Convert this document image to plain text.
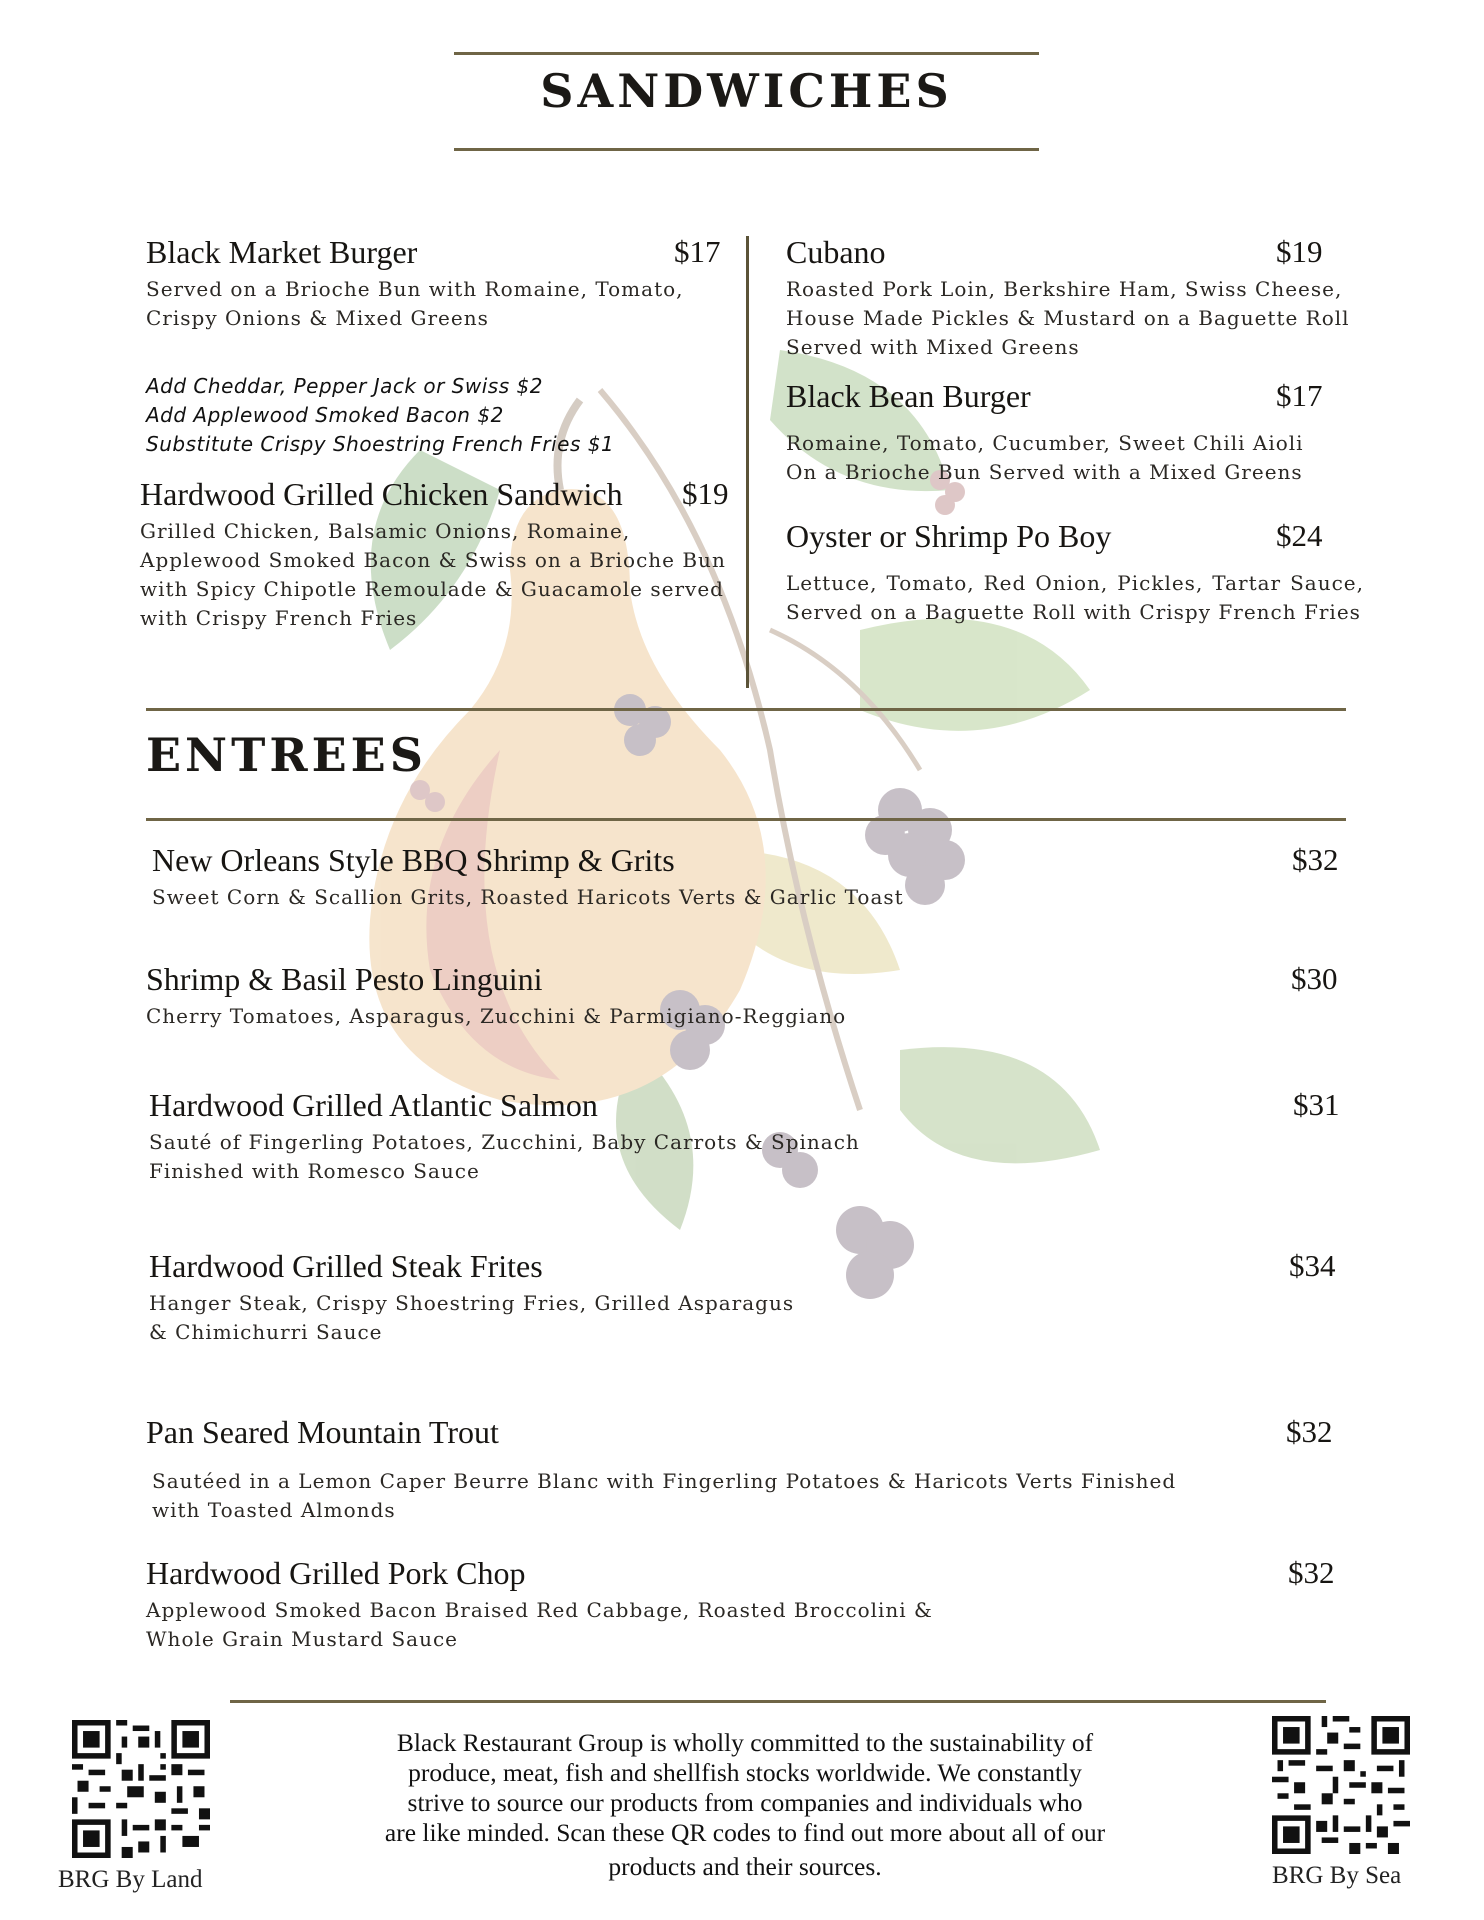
SANDWICHES
Black Market Burger	$17
Served on a Brioche Bun with Romaine, Tomato,
Crispy Onions & Mixed Greens
Add Cheddar, Pepper Jack or Swiss $2
Add Applewood Smoked Bacon $2
Substitute Crispy Shoestring French Fries $1
Hardwood Grilled Chicken Sandwich	$19
Grilled Chicken, Balsamic Onions, Romaine,
Applewood Smoked Bacon & Swiss on a Brioche Bun
with Spicy Chipotle Remoulade & Guacamole served
with Crispy French Fries
Cubano	$19
Roasted Pork Loin, Berkshire Ham, Swiss Cheese,
House Made Pickles & Mustard on a Baguette Roll
Served with Mixed Greens
Black Bean Burger	$17
Romaine, Tomato, Cucumber, Sweet Chili Aioli
On a Brioche Bun Served with a Mixed Greens
Oyster or Shrimp Po Boy	$24
Lettuce, Tomato, Red Onion, Pickles, Tartar Sauce, Served on a Baguette Roll with Crispy French Fries
ENTREES
New Orleans Style BBQ Shrimp & Grits	$32
Sweet Corn & Scallion Grits, Roasted Haricots Verts & Garlic Toast
Shrimp & Basil Pesto Linguini	$30
Cherry Tomatoes, Asparagus, Zucchini & Parmigiano-Reggiano
Hardwood Grilled Atlantic Salmon	$31
Sauté of Fingerling Potatoes, Zucchini, Baby Carrots & Spinach
Finished with Romesco Sauce
Hardwood Grilled Steak Frites	$34
Hanger Steak, Crispy Shoestring Fries, Grilled Asparagus
& Chimichurri Sauce
Pan Seared Mountain Trout	$32
Sautéed in a Lemon Caper Beurre Blanc with Fingerling Potatoes & Haricots Verts Finished
with Toasted Almonds
Hardwood Grilled Pork Chop	$32
Applewood Smoked Bacon Braised Red Cabbage, Roasted Broccolini &
Whole Grain Mustard Sauce
BRG By Land	BRG By Sea
Black Restaurant Group is wholly committed to the sustainability of
produce, meat, fish and shellfish stocks worldwide. We constantly
strive to source our products from companies and individuals who
are like minded. Scan these QR codes to find out more about all of our
products and their sources.
